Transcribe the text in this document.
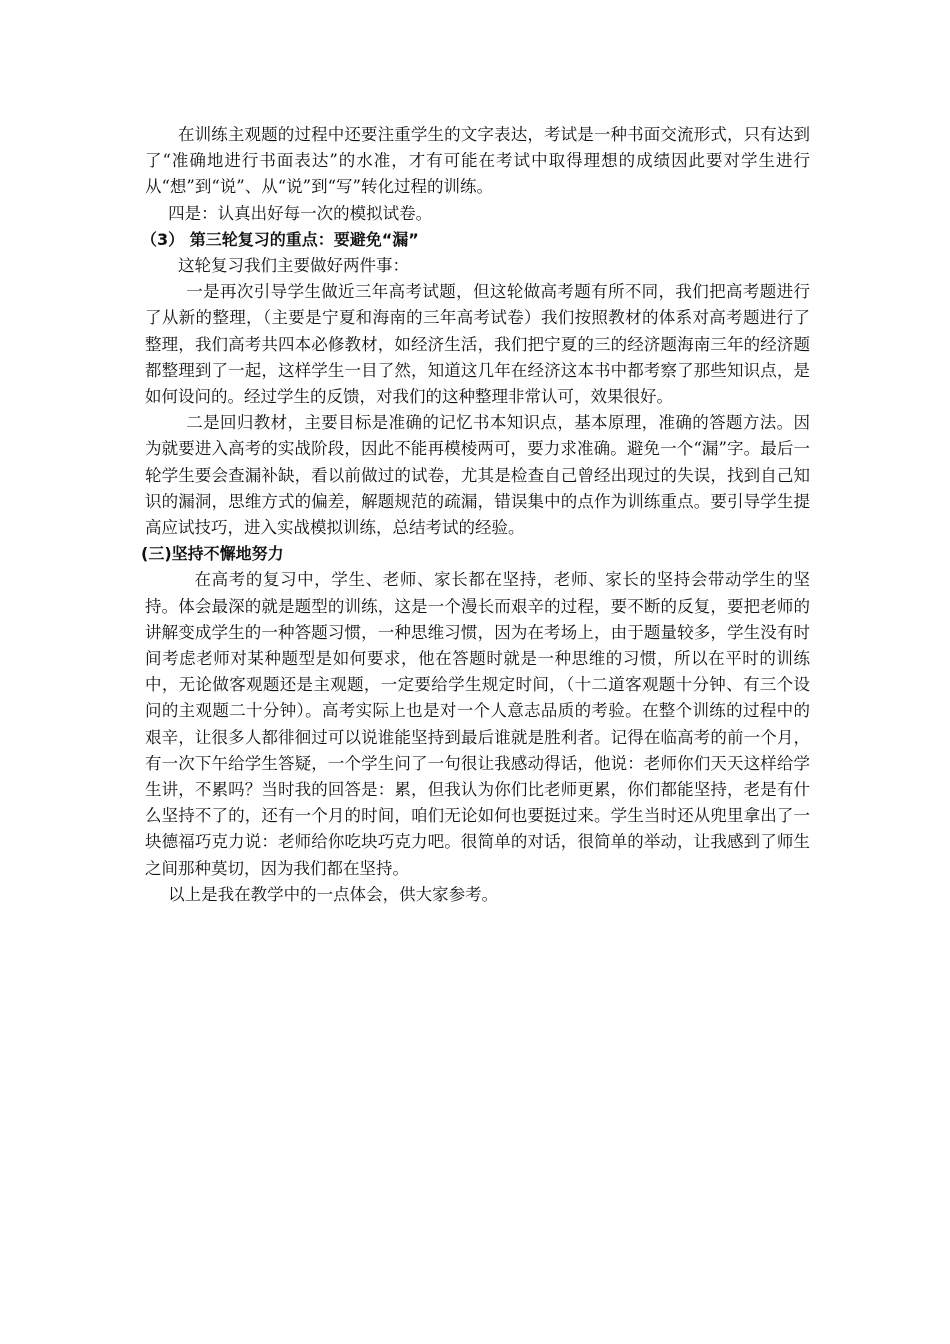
在训练主观题的过程中还要注重学生的文字表达，考试是一种书面交流形式，只有达到了“准确地进行书面表达”的水准，才有可能在考试中取得理想的成绩因此要对学生进行从“想”到“说”、从“说”到“写”转化过程的训练。

四是：认真出好每一次的模拟试卷。

（3） 第三轮复习的重点：要避免“漏”

这轮复习我们主要做好两件事：

一是再次引导学生做近三年高考试题，但这轮做高考题有所不同，我们把高考题进行了从新的整理，（主要是宁夏和海南的三年高考试卷）我们按照教材的体系对高考题进行了整理，我们高考共四本必修教材，如经济生活，我们把宁夏的三的经济题海南三年的经济题都整理到了一起，这样学生一目了然，知道这几年在经济这本书中都考察了那些知识点，是如何设问的。经过学生的反馈，对我们的这种整理非常认可，效果很好。

二是回归教材，主要目标是准确的记忆书本知识点，基本原理，准确的答题方法。因为就要进入高考的实战阶段，因此不能再模棱两可，要力求准确。避免一个“漏”字。最后一轮学生要会查漏补缺，看以前做过的试卷，尤其是检查自己曾经出现过的失误，找到自己知识的漏洞，思维方式的偏差，解题规范的疏漏，错误集中的点作为训练重点。要引导学生提高应试技巧，进入实战模拟训练，总结考试的经验。

(三)坚持不懈地努力

在高考的复习中，学生、老师、家长都在坚持，老师、家长的坚持会带动学生的坚持。体会最深的就是题型的训练，这是一个漫长而艰辛的过程，要不断的反复，要把老师的讲解变成学生的一种答题习惯，一种思维习惯，因为在考场上，由于题量较多，学生没有时间考虑老师对某种题型是如何要求，他在答题时就是一种思维的习惯，所以在平时的训练中，无论做客观题还是主观题，一定要给学生规定时间，（十二道客观题十分钟、有三个设问的主观题二十分钟）。高考实际上也是对一个人意志品质的考验。在整个训练的过程中的艰辛，让很多人都徘徊过可以说谁能坚持到最后谁就是胜利者。记得在临高考的前一个月，有一次下午给学生答疑，一个学生问了一句很让我感动得话，他说：老师你们天天这样给学生讲，不累吗？当时我的回答是：累，但我认为你们比老师更累，你们都能坚持，老是有什么坚持不了的，还有一个月的时间，咱们无论如何也要挺过来。学生当时还从兜里拿出了一块德福巧克力说：老师给你吃块巧克力吧。很简单的对话，很简单的举动，让我感到了师生之间那种莫切，因为我们都在坚持。

以上是我在教学中的一点体会，供大家参考。
